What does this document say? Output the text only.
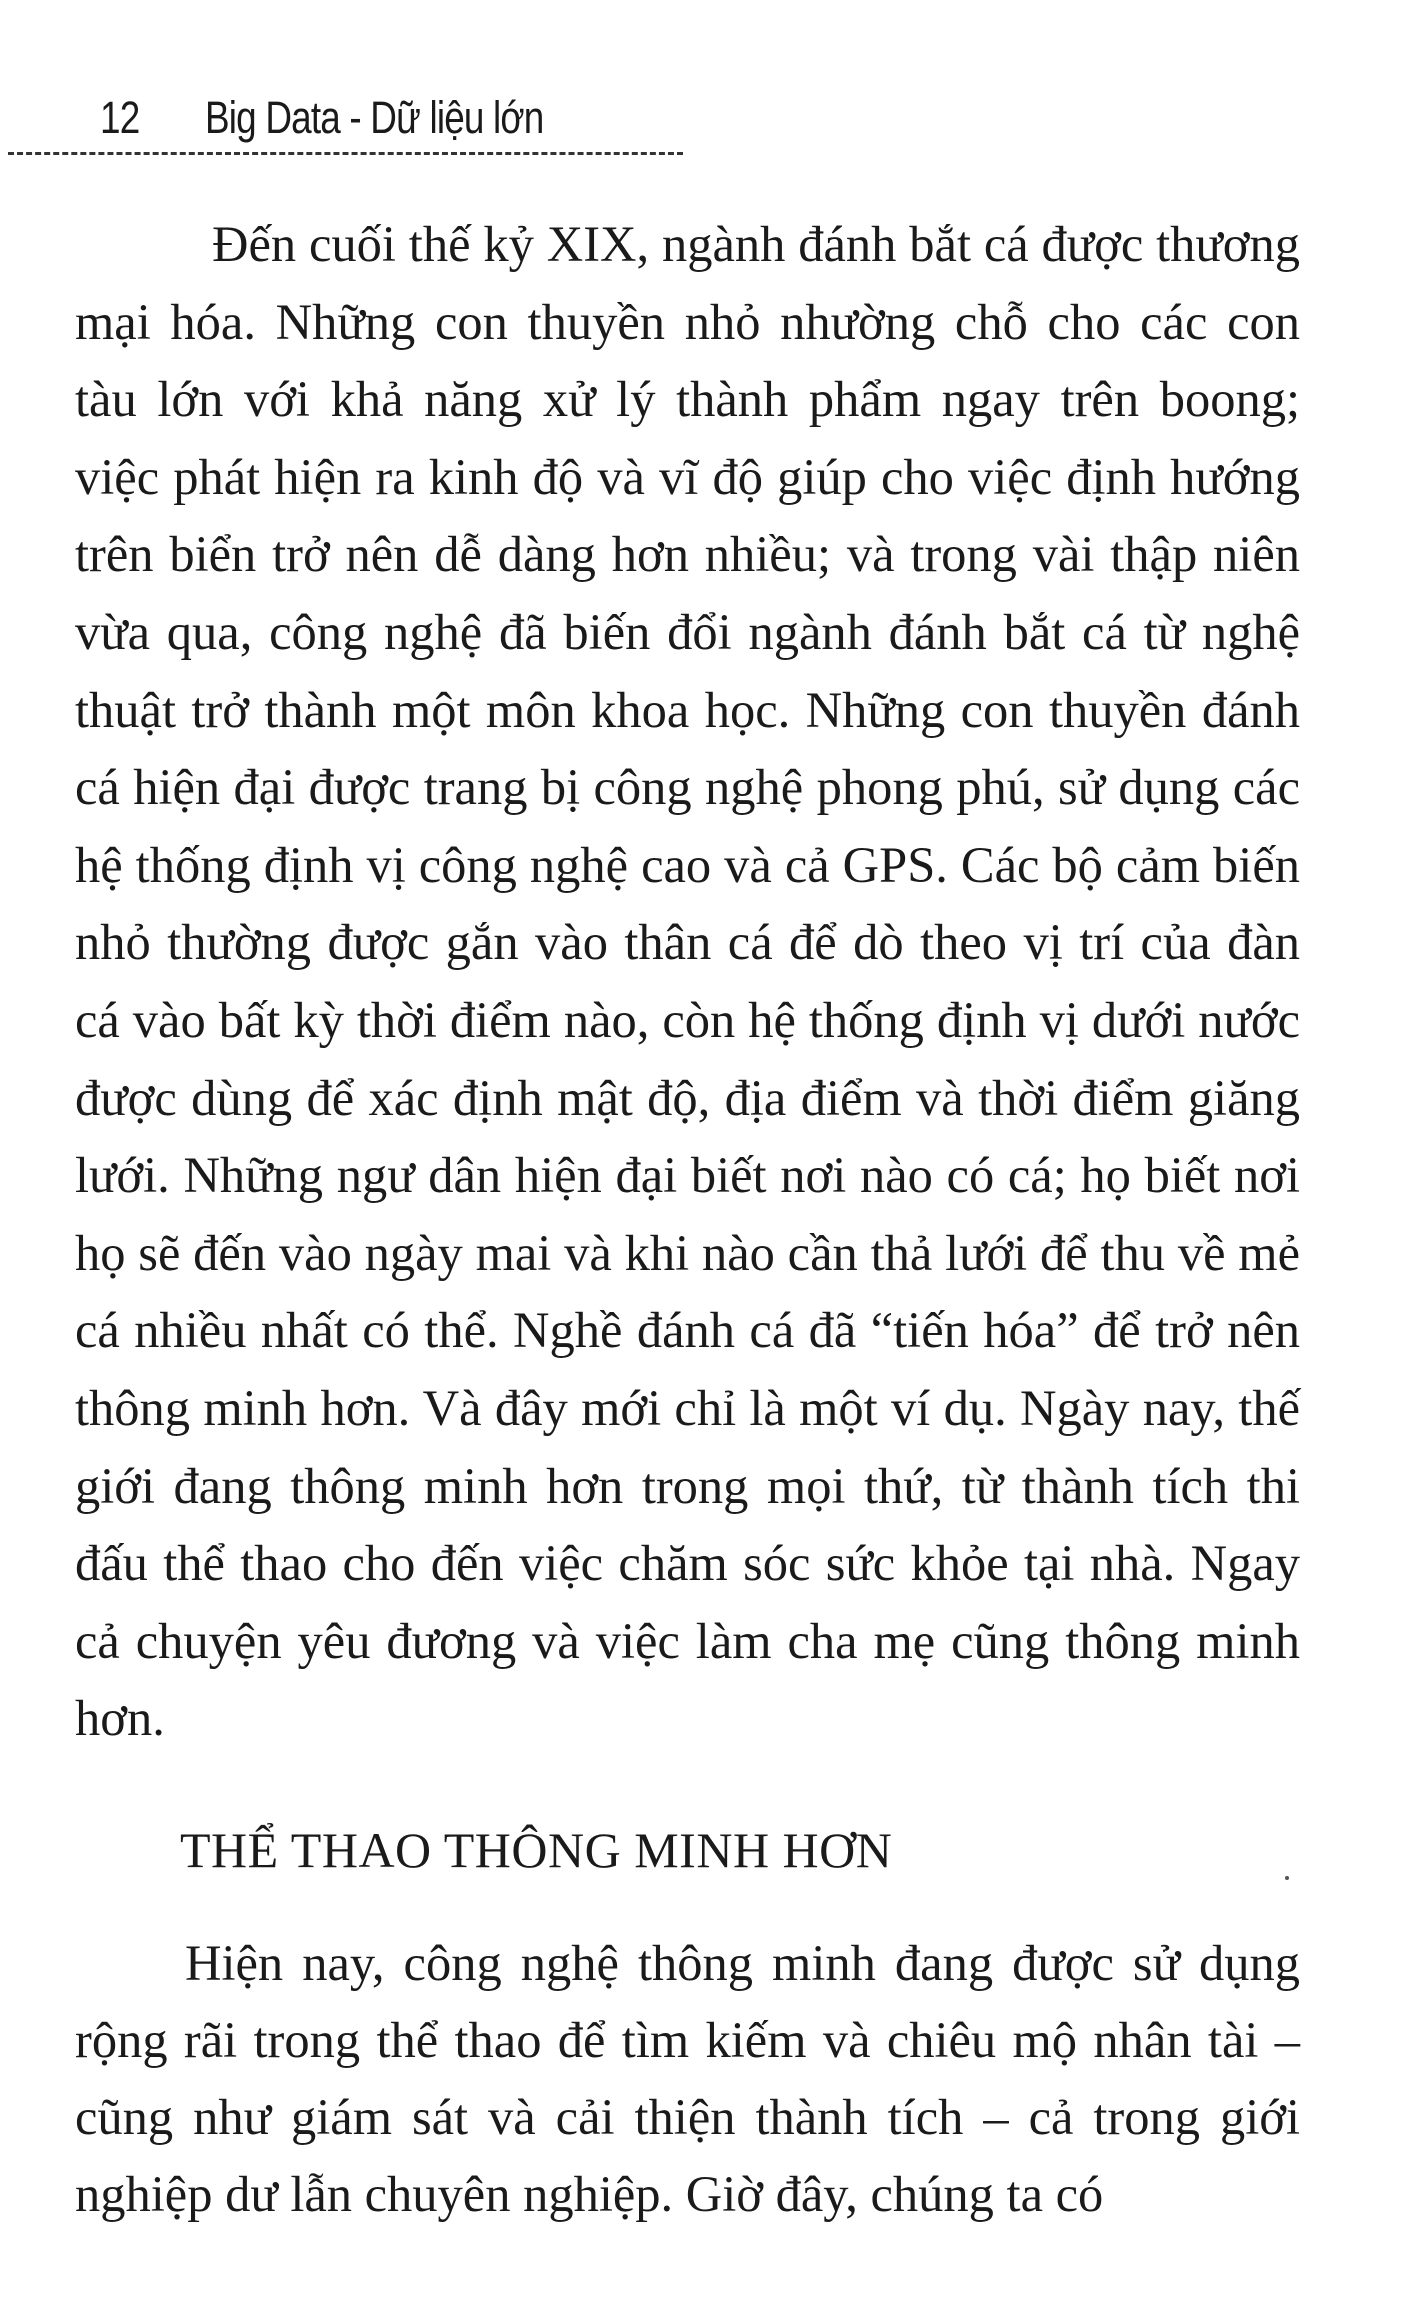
12 Big Data - Dữ liệu lớn

Đến cuối thế kỷ XIX, ngành đánh bắt cá được thương mại hóa. Những con thuyền nhỏ nhường chỗ cho các con tàu lớn với khả năng xử lý thành phẩm ngay trên boong; việc phát hiện ra kinh độ và vĩ độ giúp cho việc định hướng trên biển trở nên dễ dàng hơn nhiều; và trong vài thập niên vừa qua, công nghệ đã biến đổi ngành đánh bắt cá từ nghệ thuật trở thành một môn khoa học. Những con thuyền đánh cá hiện đại được trang bị công nghệ phong phú, sử dụng các hệ thống định vị công nghệ cao và cả GPS. Các bộ cảm biến nhỏ thường được gắn vào thân cá để dò theo vị trí của đàn cá vào bất kỳ thời điểm nào, còn hệ thống định vị dưới nước được dùng để xác định mật độ, địa điểm và thời điểm giăng lưới. Những ngư dân hiện đại biết nơi nào có cá; họ biết nơi họ sẽ đến vào ngày mai và khi nào cần thả lưới để thu về mẻ cá nhiều nhất có thể. Nghề đánh cá đã “tiến hóa” để trở nên thông minh hơn. Và đây mới chỉ là một ví dụ. Ngày nay, thế giới đang thông minh hơn trong mọi thứ, từ thành tích thi đấu thể thao cho đến việc chăm sóc sức khỏe tại nhà. Ngay cả chuyện yêu đương và việc làm cha mẹ cũng thông minh hơn.

THỂ THAO THÔNG MINH HƠN

Hiện nay, công nghệ thông minh đang được sử dụng rộng rãi trong thể thao để tìm kiếm và chiêu mộ nhân tài – cũng như giám sát và cải thiện thành tích – cả trong giới nghiệp dư lẫn chuyên nghiệp. Giờ đây, chúng ta có
